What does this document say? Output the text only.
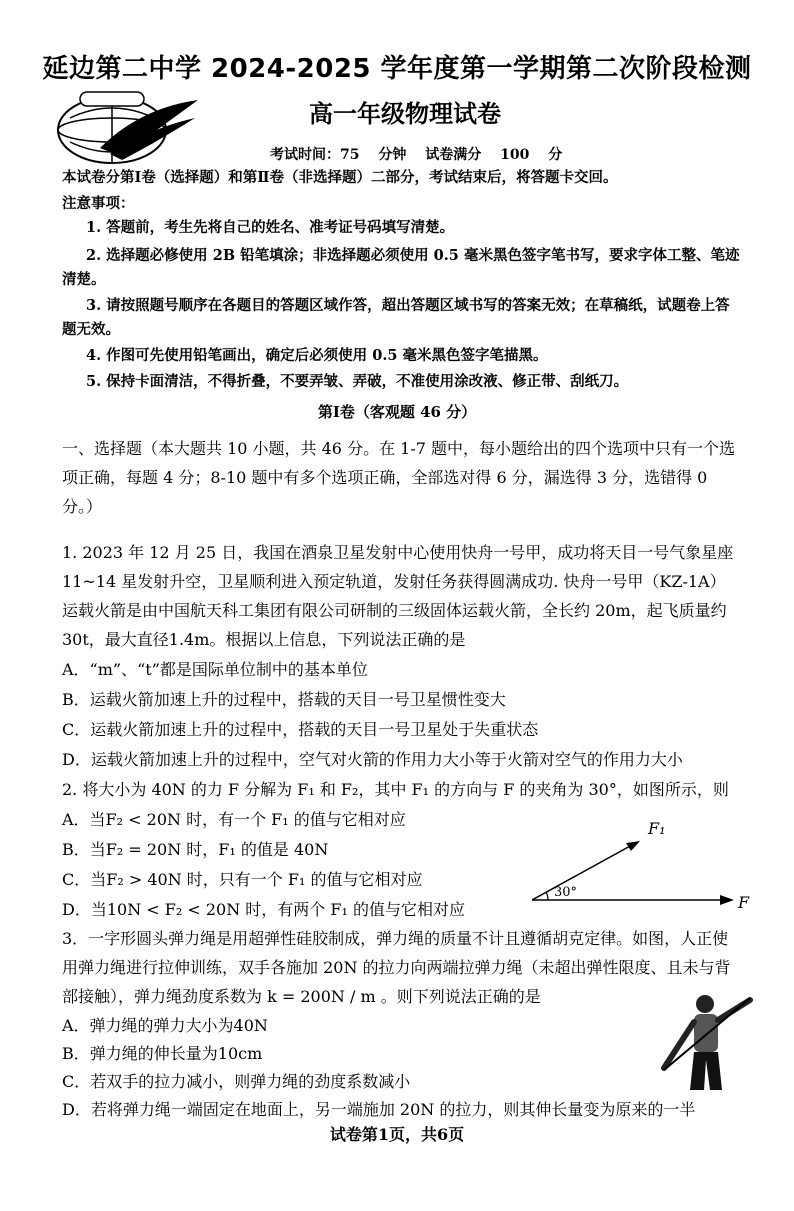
延边第二中学 2024-2025 学年度第一学期第二次阶段检测
高一年级物理试卷
考试时间：75 分钟 试卷满分 100 分
本试卷分第Ⅰ卷（选择题）和第Ⅱ卷（非选择题）二部分，考试结束后，将答题卡交回。
注意事项：
1. 答题前，考生先将自己的姓名、准考证号码填写清楚。
2. 选择题必修使用 2B 铅笔填涂；非选择题必须使用 0.5 毫米黑色签字笔书写，要求字体工整、笔迹清楚。
3. 请按照题号顺序在各题目的答题区域作答，超出答题区域书写的答案无效；在草稿纸，试题卷上答题无效。
4. 作图可先使用铅笔画出，确定后必须使用 0.5 毫米黑色签字笔描黑。
5. 保持卡面清洁，不得折叠，不要弄皱、弄破，不准使用涂改液、修正带、刮纸刀。
第Ⅰ卷（客观题 46 分）
一、选择题（本大题共 10 小题，共 46 分。在 1-7 题中，每小题给出的四个选项中只有一个选项正确，每题 4 分；8-10 题中有多个选项正确，全部选对得 6 分，漏选得 3 分，选错得 0 分。）
1. 2023 年 12 月 25 日，我国在酒泉卫星发射中心使用快舟一号甲，成功将天目一号气象星座 11~14 星发射升空，卫星顺利进入预定轨道，发射任务获得圆满成功. 快舟一号甲（KZ-1A）运载火箭是由中国航天科工集团有限公司研制的三级固体运载火箭，全长约 20m，起飞质量约30t，最大直径1.4m。根据以上信息，下列说法正确的是
A．“m”、“t”都是国际单位制中的基本单位
B．运载火箭加速上升的过程中，搭载的天目一号卫星惯性变大
C．运载火箭加速上升的过程中，搭载的天目一号卫星处于失重状态
D．运载火箭加速上升的过程中，空气对火箭的作用力大小等于火箭对空气的作用力大小
2. 将大小为 40N 的力 F 分解为 F₁ 和 F₂，其中 F₁ 的方向与 F 的夹角为 30°，如图所示，则
A．当F₂ < 20N 时，有一个 F₁ 的值与它相对应
B．当F₂ = 20N 时，F₁ 的值是 40N
C．当F₂ > 40N 时，只有一个 F₁ 的值与它相对应
D．当10N < F₂ < 20N 时，有两个 F₁ 的值与它相对应
30°
F₁
F
3．一字形圆头弹力绳是用超弹性硅胶制成，弹力绳的质量不计且遵循胡克定律。如图，人正使用弹力绳进行拉伸训练，双手各施加 20N 的拉力向两端拉弹力绳（未超出弹性限度、且未与背部接触），弹力绳劲度系数为 k = 200N / m 。则下列说法正确的是
A．弹力绳的弹力大小为40N
B．弹力绳的伸长量为10cm
C．若双手的拉力减小，则弹力绳的劲度系数减小
D．若将弹力绳一端固定在地面上，另一端施加 20N 的拉力，则其伸长量变为原来的一半
试卷第1页，共6页
